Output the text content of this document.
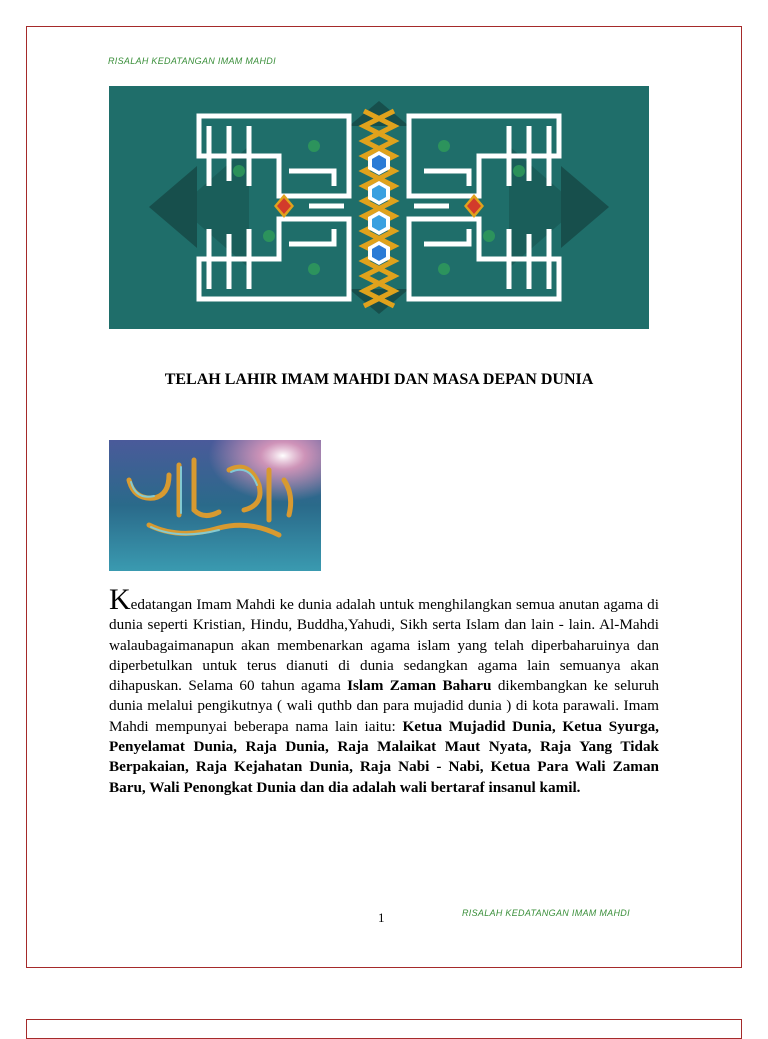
RISALAH KEDATANGAN IMAM MAHDI
TELAH LAHIR IMAM MAHDI DAN MASA DEPAN DUNIA
Kedatangan Imam Mahdi ke dunia adalah untuk menghilangkan semua anutan agama di dunia seperti Kristian, Hindu, Buddha,Yahudi, Sikh serta Islam dan lain - lain. Al-Mahdi walaubagaimanapun akan membenarkan agama islam yang telah diperbaharuinya dan diperbetulkan untuk terus dianuti di dunia sedangkan agama lain semuanya akan dihapuskan. Selama 60 tahun agama Islam Zaman Baharu dikembangkan ke seluruh dunia melalui pengikutnya ( wali quthb dan para mujadid dunia ) di kota parawali. Imam Mahdi mempunyai beberapa nama lain iaitu: Ketua Mujadid Dunia, Ketua Syurga, Penyelamat Dunia, Raja Dunia, Raja Malaikat Maut Nyata, Raja Yang Tidak Berpakaian, Raja Kejahatan Dunia, Raja Nabi - Nabi, Ketua Para Wali Zaman Baru, Wali Penongkat Dunia dan dia adalah wali bertaraf insanul kamil.
1	RISALAH KEDATANGAN IMAM MAHDI
